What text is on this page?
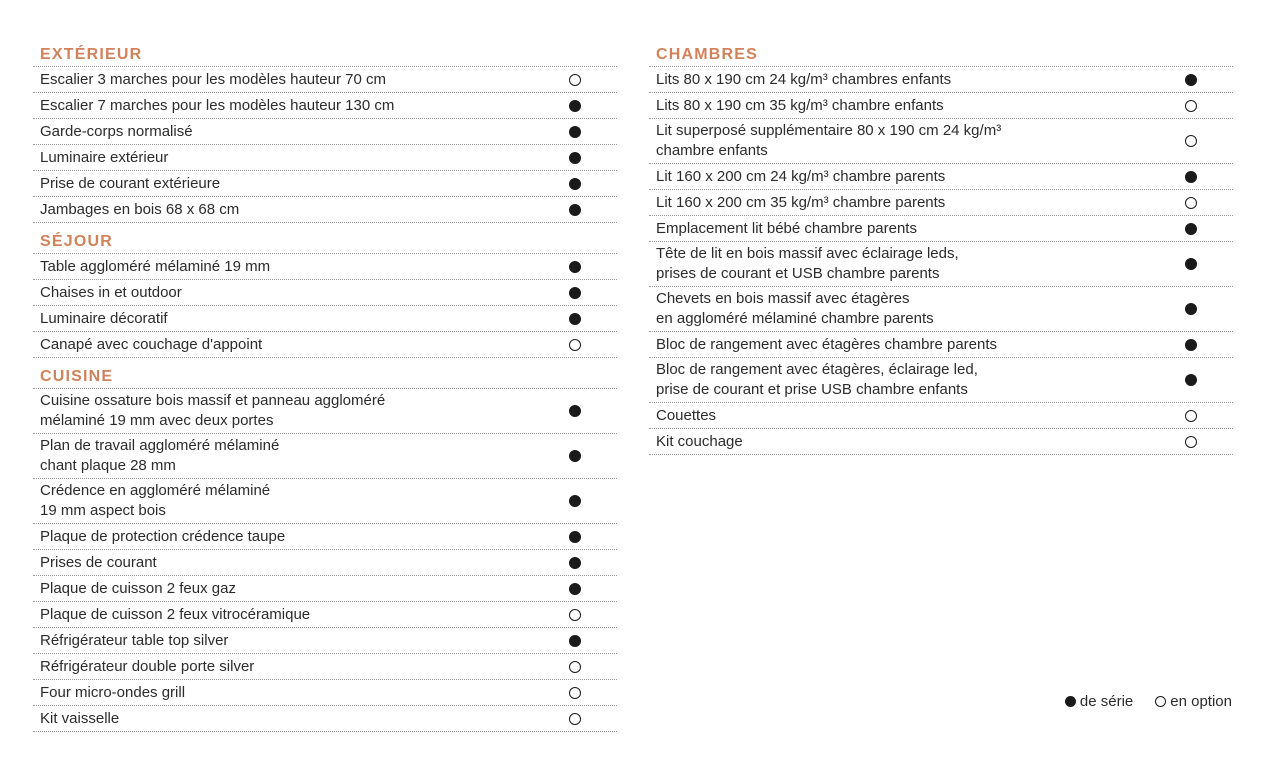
EXTÉRIEUR
Escalier 3 marches pour les modèles hauteur 70 cm
Escalier 7 marches pour les modèles hauteur 130 cm
Garde-corps normalisé
Luminaire extérieur
Prise de courant extérieure
Jambages en bois 68 x 68 cm
SÉJOUR
Table aggloméré mélaminé 19 mm
Chaises in et outdoor
Luminaire décoratif
Canapé avec couchage d'appoint
CUISINE
Cuisine ossature bois massif et panneau aggloméré
mélaminé 19 mm avec deux portes
Plan de travail aggloméré mélaminé
chant plaque 28 mm
Crédence en aggloméré mélaminé
19 mm aspect bois
Plaque de protection crédence taupe
Prises de courant
Plaque de cuisson 2 feux gaz
Plaque de cuisson 2 feux vitrocéramique
Réfrigérateur table top silver
Réfrigérateur double porte silver
Four micro-ondes grill
Kit vaisselle
CHAMBRES
Lits 80 x 190 cm 24 kg/m³ chambres enfants
Lits 80 x 190 cm 35 kg/m³ chambre enfants
Lit superposé supplémentaire 80 x 190 cm 24 kg/m³
chambre enfants
Lit 160 x 200 cm 24 kg/m³ chambre parents
Lit 160 x 200 cm 35 kg/m³ chambre parents
Emplacement lit bébé chambre parents
Tête de lit en bois massif avec éclairage leds,
prises de courant et USB chambre parents
Chevets en bois massif avec étagères
en aggloméré mélaminé chambre parents
Bloc de rangement avec étagères chambre parents
Bloc de rangement avec étagères, éclairage led,
prise de courant et prise USB chambre enfants
Couettes
Kit couchage
de série en option
